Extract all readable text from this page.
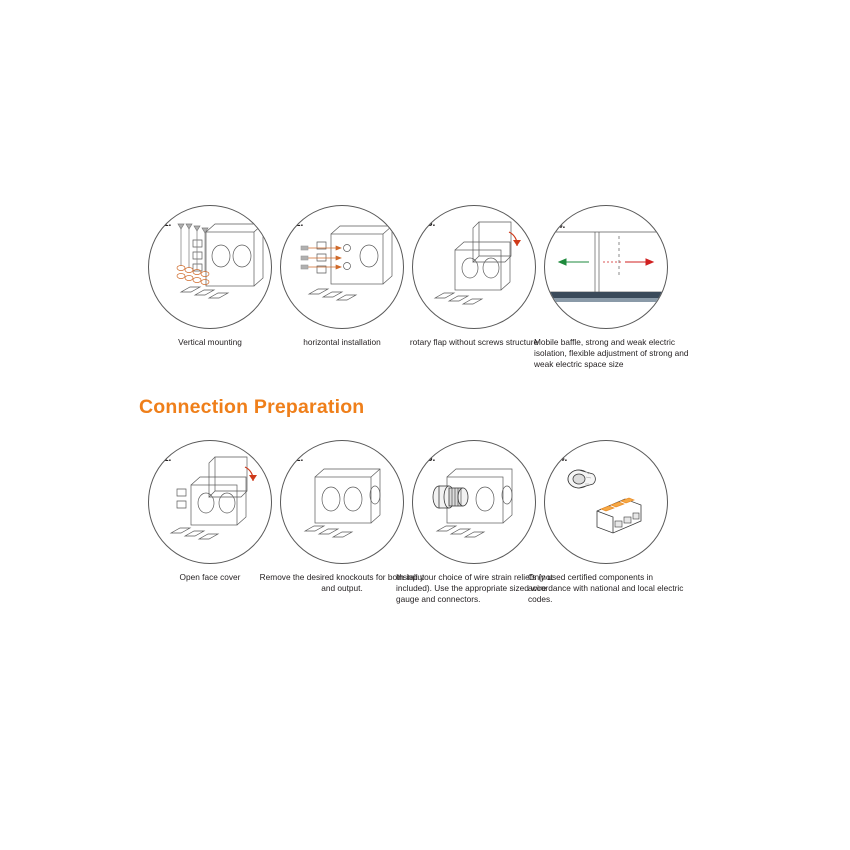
1.
Vertical mounting
2.
horizontal installation
3.
rotary flap without screws structure
4.
Mobile baffle, strong and weak electric isolation, flexible adjustment of strong and weak electric space size
Connection Preparation
1.
Open face cover
2.
Remove the desired knockouts for both input and output.
3.
Install your choice of wire strain reliefs (not included). Use the appropriate sized wire gauge and connectors.
4.
Only used certified components in accordance with national and local electric codes.
